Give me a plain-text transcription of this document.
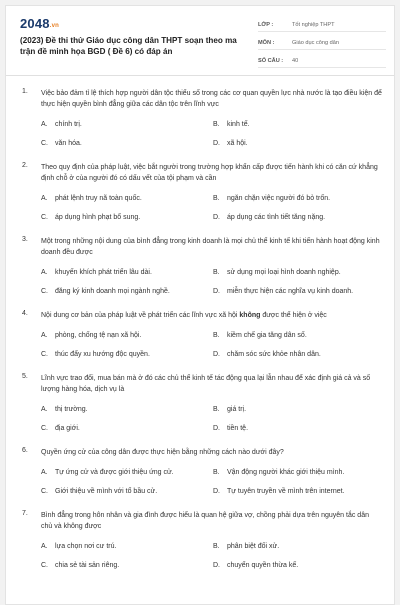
2048.vn
(2023) Đề thi thử Giáo dục công dân THPT soạn theo ma trận đề minh họa BGD ( Đề 6) có đáp án
LỚP :	Tốt nghiệp THPT
MÔN :	Giáo dục công dân
SỐ CÂU :	40
1. Việc bảo đảm tỉ lệ thích hợp người dân tộc thiểu số trong các cơ quan quyền lực nhà nước là tạo điều kiện để thực hiện quyền bình đẳng giữa các dân tộc trên lĩnh vực
A.	chính trị.	B.	kinh tế.
C.	văn hóa.	D.	xã hội.
2. Theo quy định của pháp luật, việc bắt người trong trường hợp khẩn cấp được tiến hành khi có căn cứ khẳng định chỗ ở của người đó có dấu vết của tội phạm và cần
A.	phát lệnh truy nã toàn quốc.	B.	ngăn chặn việc người đó bỏ trốn.
C.	áp dụng hình phạt bổ sung.	D.	áp dụng các tình tiết tăng nặng.
3. Một trong những nội dung của bình đẳng trong kinh doanh là mọi chủ thể kinh tế khi tiến hành hoạt động kinh doanh đều được
A.	khuyến khích phát triển lâu dài.	B.	sử dụng mọi loại hình doanh nghiệp.
C.	đăng ký kinh doanh mọi ngành nghề.	D.	miễn thực hiện các nghĩa vụ kinh doanh.
4. Nội dung cơ bản của pháp luật về phát triển các lĩnh vực xã hội không được thể hiện ở việc
A.	phòng, chống tệ nạn xã hội.	B.	kiềm chế gia tăng dân số.
C.	thúc đẩy xu hướng độc quyền.	D.	chăm sóc sức khỏe nhân dân.
5. Lĩnh vực trao đổi, mua bán mà ở đó các chủ thể kinh tế tác động qua lại lẫn nhau để xác định giá cả và số lượng hàng hóa, dịch vụ là
A.	thị trường.	B.	giá trị.
C.	địa giới.	D.	tiền tệ.
6. Quyền ứng cử của công dân được thực hiện bằng những cách nào dưới đây?
A.	Tự ứng cử và được giới thiệu ứng cử.	B.	Vận động người khác giới thiệu mình.
C.	Giới thiệu về mình với tổ bầu cử.	D.	Tự tuyên truyền về mình trên internet.
7. Bình đẳng trong hôn nhân và gia đình được hiểu là quan hệ giữa vợ, chồng phải dựa trên nguyên tắc dân chủ và không được
A.	lựa chọn nơi cư trú.	B.	phân biệt đối xử.
C.	chia sẻ tài sản riêng.	D.	chuyển quyền thừa kế.
